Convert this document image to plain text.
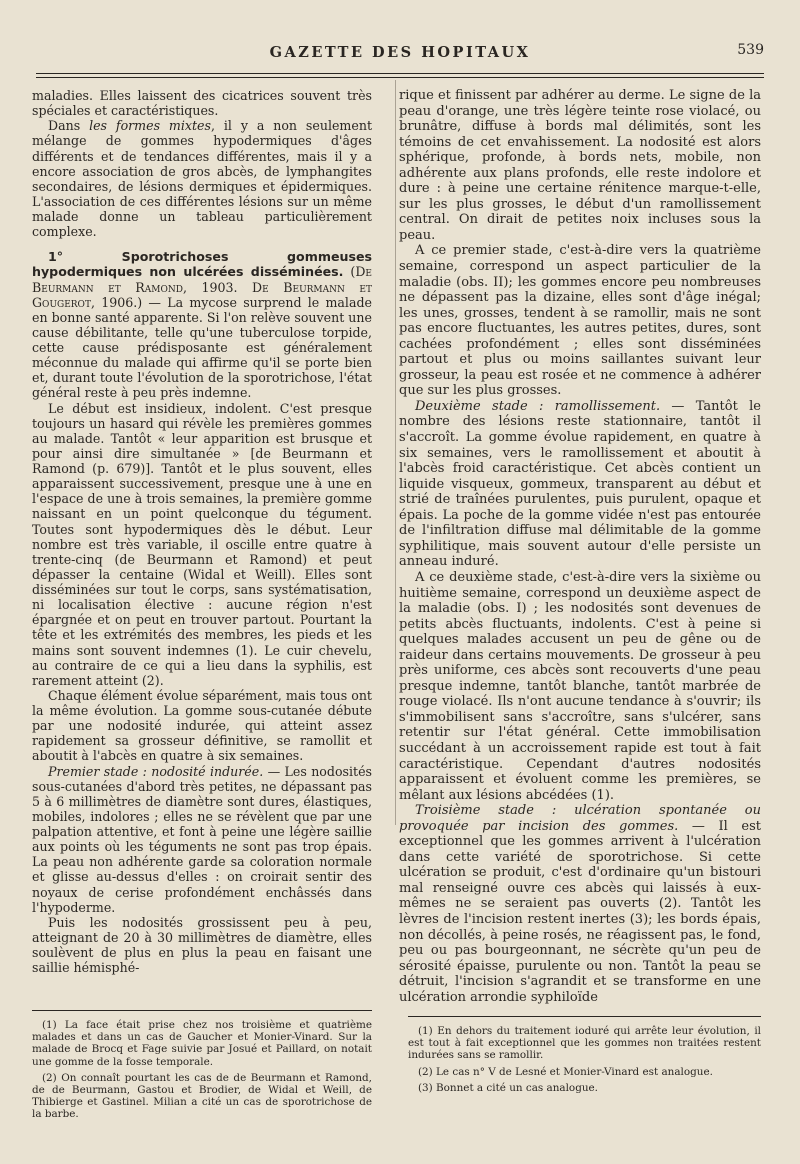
GAZETTE DES HOPITAUX	539

maladies. Elles laissent des cicatrices souvent très spéciales et caractéristiques.

Dans les formes mixtes, il y a non seulement mélange de gommes hypodermiques d'âges différents et de tendances différentes, mais il y a encore association de gros abcès, de lymphangites secondaires, de lésions dermiques et épidermiques. L'association de ces différentes lésions sur un même malade donne un tableau particulièrement complexe.

1° Sporotrichoses gommeuses hypodermiques non ulcérées disséminées. (De Beurmann et Ramond, 1903. De Beurmann et Gougerot, 1906.) — La mycose surprend le malade en bonne santé apparente. Si l'on relève souvent une cause débilitante, telle qu'une tuberculose torpide, cette cause prédisposante est généralement méconnue du malade qui affirme qu'il se porte bien et, durant toute l'évolution de la sporotrichose, l'état général reste à peu près indemne.

Le début est insidieux, indolent. C'est presque toujours un hasard qui révèle les premières gommes au malade. Tantôt « leur apparition est brusque et pour ainsi dire simultanée » [de Beurmann et Ramond (p. 679)]. Tantôt et le plus souvent, elles apparaissent successivement, presque une à une en l'espace de une à trois semaines, la première gomme naissant en un point quelconque du tégument. Toutes sont hypodermiques dès le début. Leur nombre est très variable, il oscille entre quatre à trente-cinq (de Beurmann et Ramond) et peut dépasser la centaine (Widal et Weill). Elles sont disséminées sur tout le corps, sans systématisation, ni localisation élective : aucune région n'est épargnée et on peut en trouver partout. Pourtant la tête et les extrémités des membres, les pieds et les mains sont souvent indemnes (1). Le cuir chevelu, au contraire de ce qui a lieu dans la syphilis, est rarement atteint (2).

Chaque élément évolue séparément, mais tous ont la même évolution. La gomme sous-cutanée débute par une nodosité indurée, qui atteint assez rapidement sa grosseur définitive, se ramollit et aboutit à l'abcès en quatre à six semaines.

Premier stade : nodosité indurée. — Les nodosités sous-cutanées d'abord très petites, ne dépassant pas 5 à 6 millimètres de diamètre sont dures, élastiques, mobiles, indolores ; elles ne se révèlent que par une palpation attentive, et font à peine une légère saillie aux points où les téguments ne sont pas trop épais. La peau non adhérente garde sa coloration normale et glisse au-dessus d'elles : on croirait sentir des noyaux de cerise profondément enchâssés dans l'hypoderme.

Puis les nodosités grossissent peu à peu, atteignant de 20 à 30 millimètres de diamètre, elles soulèvent de plus en plus la peau en faisant une saillie hémisphé-

rique et finissent par adhérer au derme. Le signe de la peau d'orange, une très légère teinte rose violacé, ou brunâtre, diffuse à bords mal délimités, sont les témoins de cet envahissement. La nodosité est alors sphérique, profonde, à bords nets, mobile, non adhérente aux plans profonds, elle reste indolore et dure : à peine une certaine rénitence marque-t-elle, sur les plus grosses, le début d'un ramollissement central. On dirait de petites noix incluses sous la peau.

A ce premier stade, c'est-à-dire vers la quatrième semaine, correspond un aspect particulier de la maladie (obs. II); les gommes encore peu nombreuses ne dépassent pas la dizaine, elles sont d'âge inégal; les unes, grosses, tendent à se ramollir, mais ne sont pas encore fluctuantes, les autres petites, dures, sont cachées profondément ; elles sont disséminées partout et plus ou moins saillantes suivant leur grosseur, la peau est rosée et ne commence à adhérer que sur les plus grosses.

Deuxième stade : ramollissement. — Tantôt le nombre des lésions reste stationnaire, tantôt il s'accroît. La gomme évolue rapidement, en quatre à six semaines, vers le ramollissement et aboutit à l'abcès froid caractéristique. Cet abcès contient un liquide visqueux, gommeux, transparent au début et strié de traînées purulentes, puis purulent, opaque et épais. La poche de la gomme vidée n'est pas entourée de l'infiltration diffuse mal délimitable de la gomme syphilitique, mais souvent autour d'elle persiste un anneau induré.

A ce deuxième stade, c'est-à-dire vers la sixième ou huitième semaine, correspond un deuxième aspect de la maladie (obs. I) ; les nodosités sont devenues de petits abcès fluctuants, indolents. C'est à peine si quelques malades accusent un peu de gêne ou de raideur dans certains mouvements. De grosseur à peu près uniforme, ces abcès sont recouverts d'une peau presque indemne, tantôt blanche, tantôt marbrée de rouge violacé. Ils n'ont aucune tendance à s'ouvrir; ils s'immobilisent sans s'accroître, sans s'ulcérer, sans retentir sur l'état général. Cette immobilisation succédant à un accroissement rapide est tout à fait caractéristique. Cependant d'autres nodosités apparaissent et évoluent comme les premières, se mêlant aux lésions abcédées (1).

Troisième stade : ulcération spontanée ou provoquée par incision des gommes. — Il est exceptionnel que les gommes arrivent à l'ulcération dans cette variété de sporotrichose. Si cette ulcération se produit, c'est d'ordinaire qu'un bistouri mal renseigné ouvre ces abcès qui laissés à eux-mêmes ne se seraient pas ouverts (2). Tantôt les lèvres de l'incision restent inertes (3); les bords épais, non décollés, à peine rosés, ne réagissent pas, le fond, peu ou pas bourgeonnant, ne sécrète qu'un peu de sérosité épaisse, purulente ou non. Tantôt la peau se détruit, l'incision s'agrandit et se transforme en une ulcération arrondie syphiloïde

(1) La face était prise chez nos troisième et quatrième malades et dans un cas de Gaucher et Monier-Vinard. Sur la malade de Brocq et Fage suivie par Josué et Paillard, on notait une gomme de la fosse temporale.

(2) On connaît pourtant les cas de de Beurmann et Ramond, de de Beurmann, Gastou et Brodier, de Widal et Weill, de Thibierge et Gastinel. Milian a cité un cas de sporotrichose de la barbe.

(1) En dehors du traitement ioduré qui arrête leur évolution, il est tout à fait exceptionnel que les gommes non traitées restent indurées sans se ramollir.

(2) Le cas n° V de Lesné et Monier-Vinard est analogue.

(3) Bonnet a cité un cas analogue.
